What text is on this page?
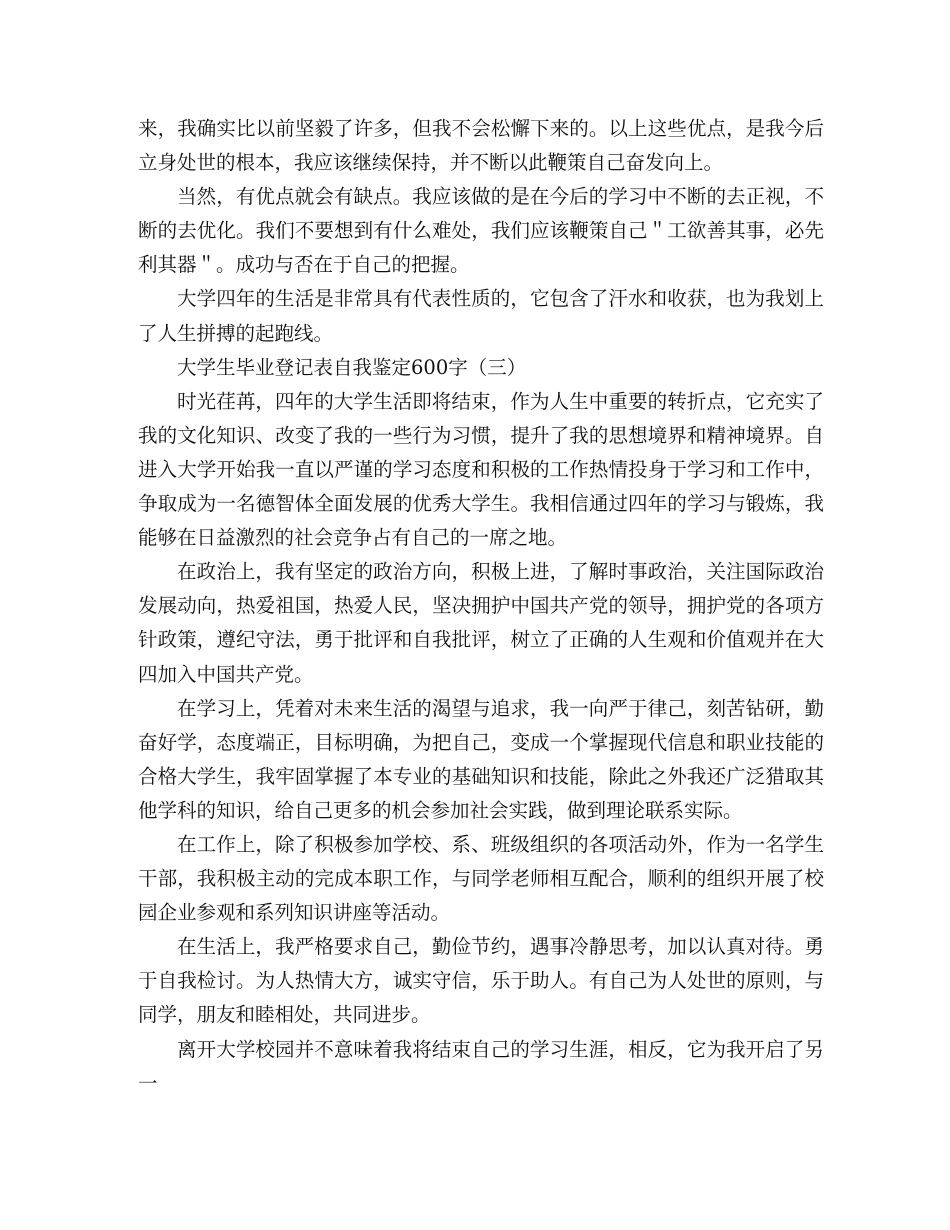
来，我确实比以前坚毅了许多，但我不会松懈下来的。以上这些优点，是我今后立身处世的根本，我应该继续保持，并不断以此鞭策自己奋发向上。

当然，有优点就会有缺点。我应该做的是在今后的学习中不断的去正视，不断的去优化。我们不要想到有什么难处，我们应该鞭策自己＂工欲善其事，必先利其器＂。成功与否在于自己的把握。

大学四年的生活是非常具有代表性质的，它包含了汗水和收获，也为我划上了人生拼搏的起跑线。

大学生毕业登记表自我鉴定600字（三）

时光荏苒，四年的大学生活即将结束，作为人生中重要的转折点，它充实了我的文化知识、改变了我的一些行为习惯，提升了我的思想境界和精神境界。自进入大学开始我一直以严谨的学习态度和积极的工作热情投身于学习和工作中，争取成为一名德智体全面发展的优秀大学生。我相信通过四年的学习与锻炼，我能够在日益激烈的社会竞争占有自己的一席之地。

在政治上，我有坚定的政治方向，积极上进，了解时事政治，关注国际政治发展动向，热爱祖国，热爱人民，坚决拥护中国共产党的领导，拥护党的各项方针政策，遵纪守法，勇于批评和自我批评，树立了正确的人生观和价值观并在大四加入中国共产党。

在学习上，凭着对未来生活的渴望与追求，我一向严于律己，刻苦钻研，勤奋好学，态度端正，目标明确，为把自己，变成一个掌握现代信息和职业技能的合格大学生，我牢固掌握了本专业的基础知识和技能，除此之外我还广泛猎取其他学科的知识，给自己更多的机会参加社会实践，做到理论联系实际。

在工作上，除了积极参加学校、系、班级组织的各项活动外，作为一名学生干部，我积极主动的完成本职工作，与同学老师相互配合，顺利的组织开展了校园企业参观和系列知识讲座等活动。

在生活上，我严格要求自己，勤俭节约，遇事冷静思考，加以认真对待。勇于自我检讨。为人热情大方，诚实守信，乐于助人。有自己为人处世的原则，与同学，朋友和睦相处，共同进步。

离开大学校园并不意味着我将结束自己的学习生涯，相反，它为我开启了另一
